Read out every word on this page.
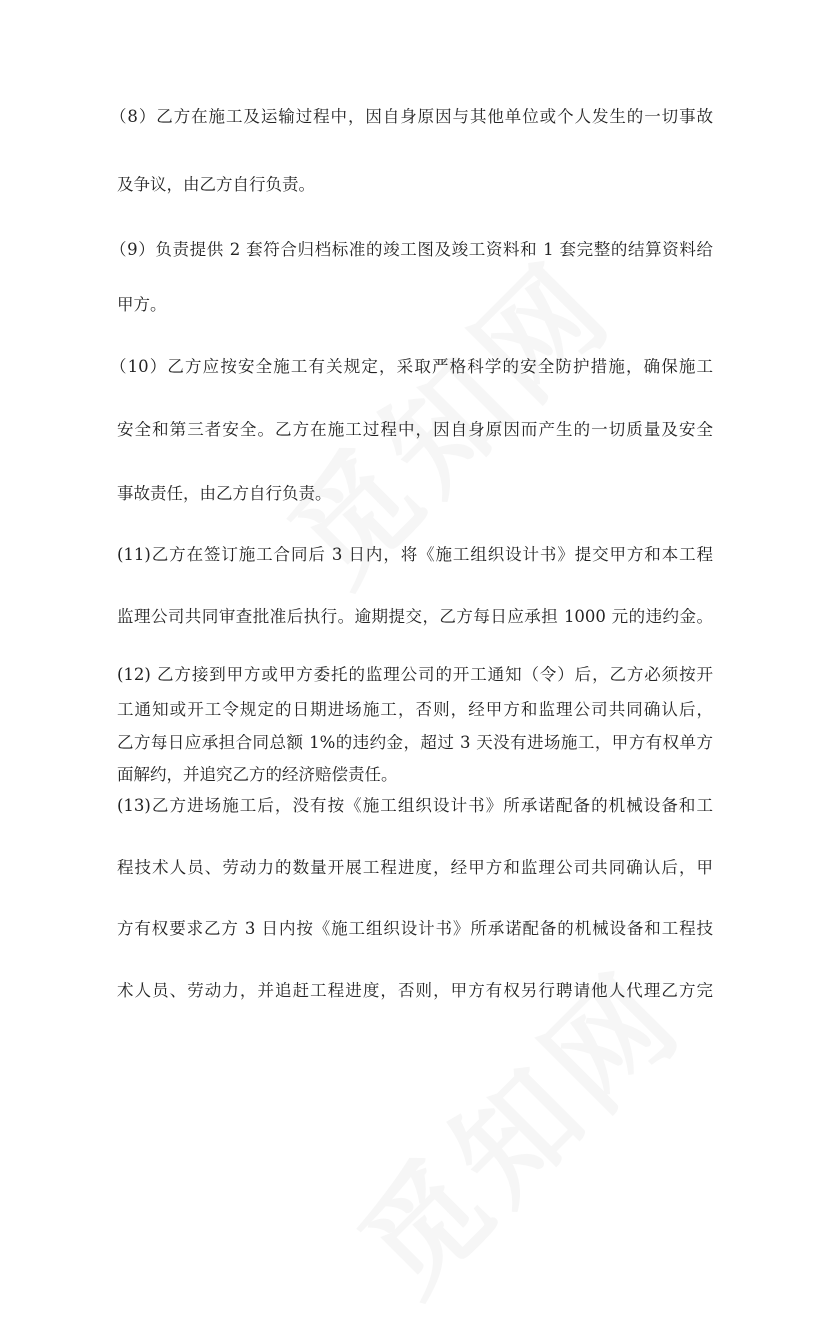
（8）乙方在施工及运输过程中，因自身原因与其他单位或个人发生的一切事故

及争议，由乙方自行负责。

（9）负责提供 2 套符合归档标准的竣工图及竣工资料和 1 套完整的结算资料给

甲方。

（10）乙方应按安全施工有关规定，采取严格科学的安全防护措施，确保施工

安全和第三者安全。乙方在施工过程中，因自身原因而产生的一切质量及安全

事故责任，由乙方自行负责。

(11)乙方在签订施工合同后 3 日内，将《施工组织设计书》提交甲方和本工程

监理公司共同审查批准后执行。逾期提交，乙方每日应承担 1000 元的违约金。

(12) 乙方接到甲方或甲方委托的监理公司的开工通知（令）后，乙方必须按开

工通知或开工令规定的日期进场施工，否则，经甲方和监理公司共同确认后，

乙方每日应承担合同总额 1%的违约金，超过 3 天没有进场施工，甲方有权单方

面解约，并追究乙方的经济赔偿责任。

(13)乙方进场施工后，没有按《施工组织设计书》所承诺配备的机械设备和工

程技术人员、劳动力的数量开展工程进度，经甲方和监理公司共同确认后，甲

方有权要求乙方 3 日内按《施工组织设计书》所承诺配备的机械设备和工程技

术人员、劳动力，并追赶工程进度，否则，甲方有权另行聘请他人代理乙方完
